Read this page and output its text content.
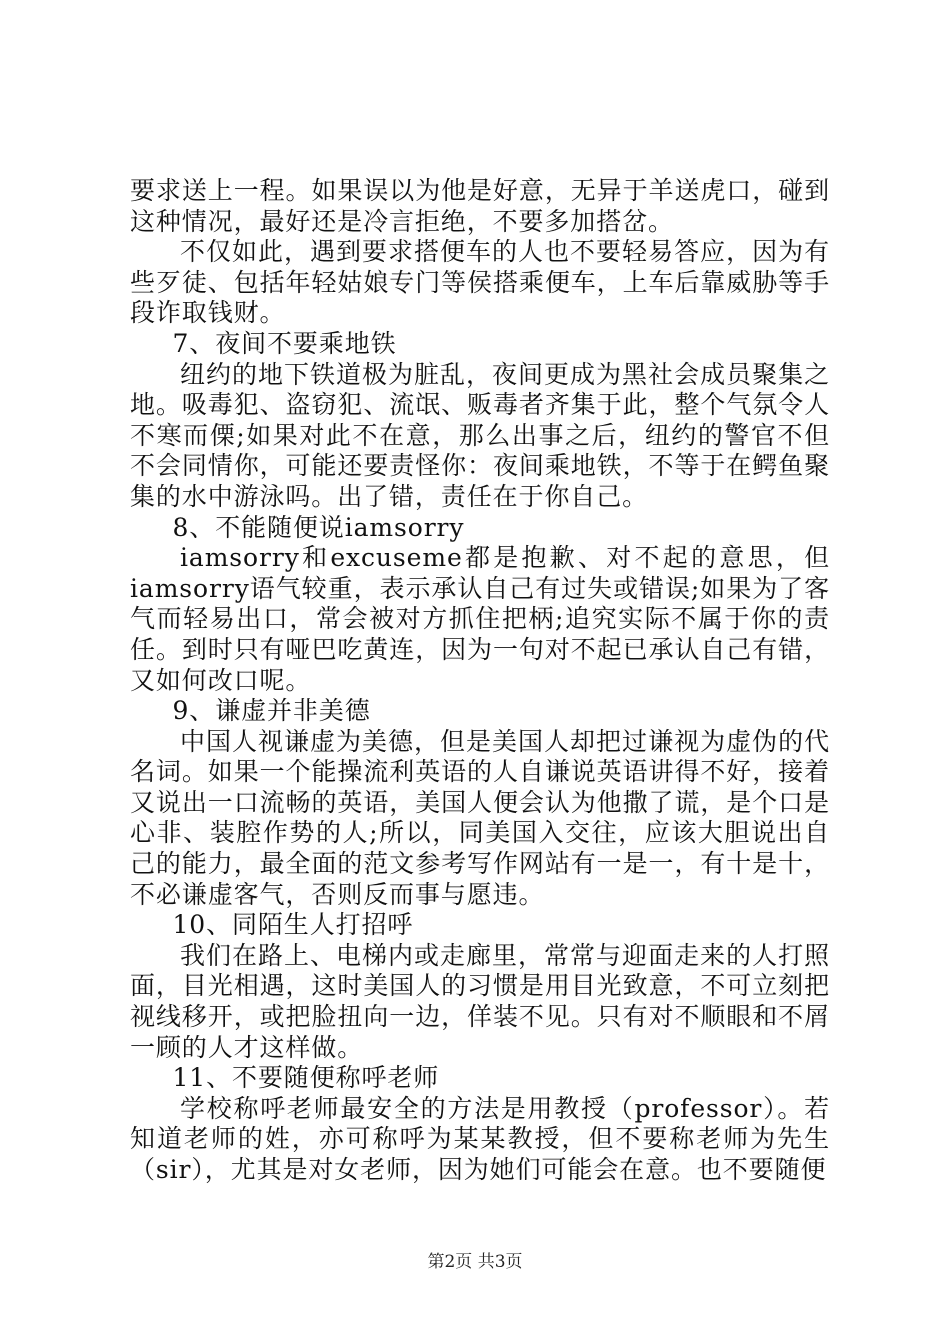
要求送上一程。如果误以为他是好意，无异于羊送虎口，碰到这种情况，最好还是冷言拒绝，不要多加搭岔。

不仅如此，遇到要求搭便车的人也不要轻易答应，因为有些歹徒、包括年轻姑娘专门等侯搭乘便车，上车后靠威胁等手段诈取钱财。

7、夜间不要乘地铁

纽约的地下铁道极为脏乱，夜间更成为黑社会成员聚集之地。吸毒犯、盗窃犯、流氓、贩毒者齐集于此，整个气氛令人不寒而傈;如果对此不在意，那么出事之后，纽约的警官不但不会同情你，可能还要责怪你：夜间乘地铁，不等于在鳄鱼聚集的水中游泳吗。出了错，责任在于你自己。

8、不能随便说iamsorry

iamsorry和excuseme都是抱歉、对不起的意思，但iamsorry语气较重，表示承认自己有过失或错误;如果为了客气而轻易出口，常会被对方抓住把柄;追究实际不属于你的责任。到时只有哑巴吃黄连，因为一句对不起已承认自己有错，又如何改口呢。

9、谦虚并非美德

中国人视谦虚为美德，但是美国人却把过谦视为虚伪的代名词。如果一个能操流利英语的人自谦说英语讲得不好，接着又说出一口流畅的英语，美国人便会认为他撒了谎，是个口是心非、装腔作势的人;所以，同美国入交往，应该大胆说出自己的能力，最全面的范文参考写作网站有一是一，有十是十，不必谦虚客气，否则反而事与愿违。

10、同陌生人打招呼

我们在路上、电梯内或走廊里，常常与迎面走来的人打照面，目光相遇，这时美国人的习惯是用目光致意，不可立刻把视线移开，或把脸扭向一边，佯装不见。只有对不顺眼和不屑一顾的人才这样做。

11、不要随便称呼老师

学校称呼老师最安全的方法是用教授（professor）。若知道老师的姓，亦可称呼为某某教授，但不要称老师为先生（sir），尤其是对女老师，因为她们可能会在意。也不要随便

第2页 共3页
